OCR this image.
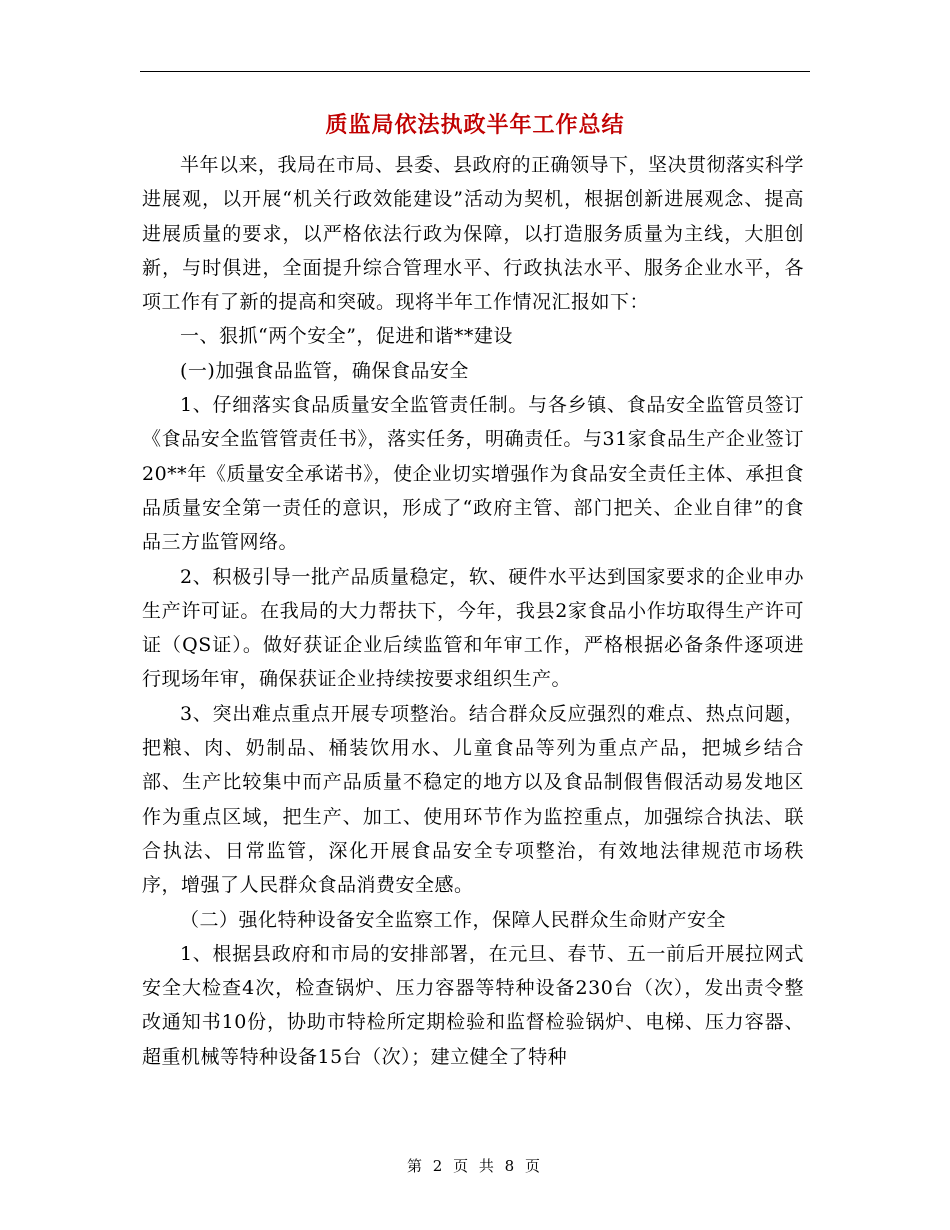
质监局依法执政半年工作总结

半年以来，我局在市局、县委、县政府的正确领导下，坚决贯彻落实科学进展观，以开展“机关行政效能建设”活动为契机，根据创新进展观念、提高进展质量的要求，以严格依法行政为保障，以打造服务质量为主线，大胆创新，与时俱进，全面提升综合管理水平、行政执法水平、服务企业水平，各项工作有了新的提高和突破。现将半年工作情况汇报如下：

一、狠抓“两个安全”，促进和谐**建设

(一)加强食品监管，确保食品安全

1、仔细落实食品质量安全监管责任制。与各乡镇、食品安全监管员签订《食品安全监管管责任书》，落实任务，明确责任。与31家食品生产企业签订20**年《质量安全承诺书》，使企业切实增强作为食品安全责任主体、承担食品质量安全第一责任的意识，形成了“政府主管、部门把关、企业自律”的食品三方监管网络。

2、积极引导一批产品质量稳定，软、硬件水平达到国家要求的企业申办生产许可证。在我局的大力帮扶下，今年，我县2家食品小作坊取得生产许可证（QS证）。做好获证企业后续监管和年审工作，严格根据必备条件逐项进行现场年审，确保获证企业持续按要求组织生产。

3、突出难点重点开展专项整治。结合群众反应强烈的难点、热点问题，把粮、肉、奶制品、桶装饮用水、儿童食品等列为重点产品，把城乡结合部、生产比较集中而产品质量不稳定的地方以及食品制假售假活动易发地区作为重点区域，把生产、加工、使用环节作为监控重点，加强综合执法、联合执法、日常监管，深化开展食品安全专项整治，有效地法律规范市场秩序，增强了人民群众食品消费安全感。

（二）强化特种设备安全监察工作，保障人民群众生命财产安全

1、根据县政府和市局的安排部署，在元旦、春节、五一前后开展拉网式安全大检查4次，检查锅炉、压力容器等特种设备230台（次），发出责令整改通知书10份，协助市特检所定期检验和监督检验锅炉、电梯、压力容器、超重机械等特种设备15台（次）；建立健全了特种

第 2 页 共 8 页
